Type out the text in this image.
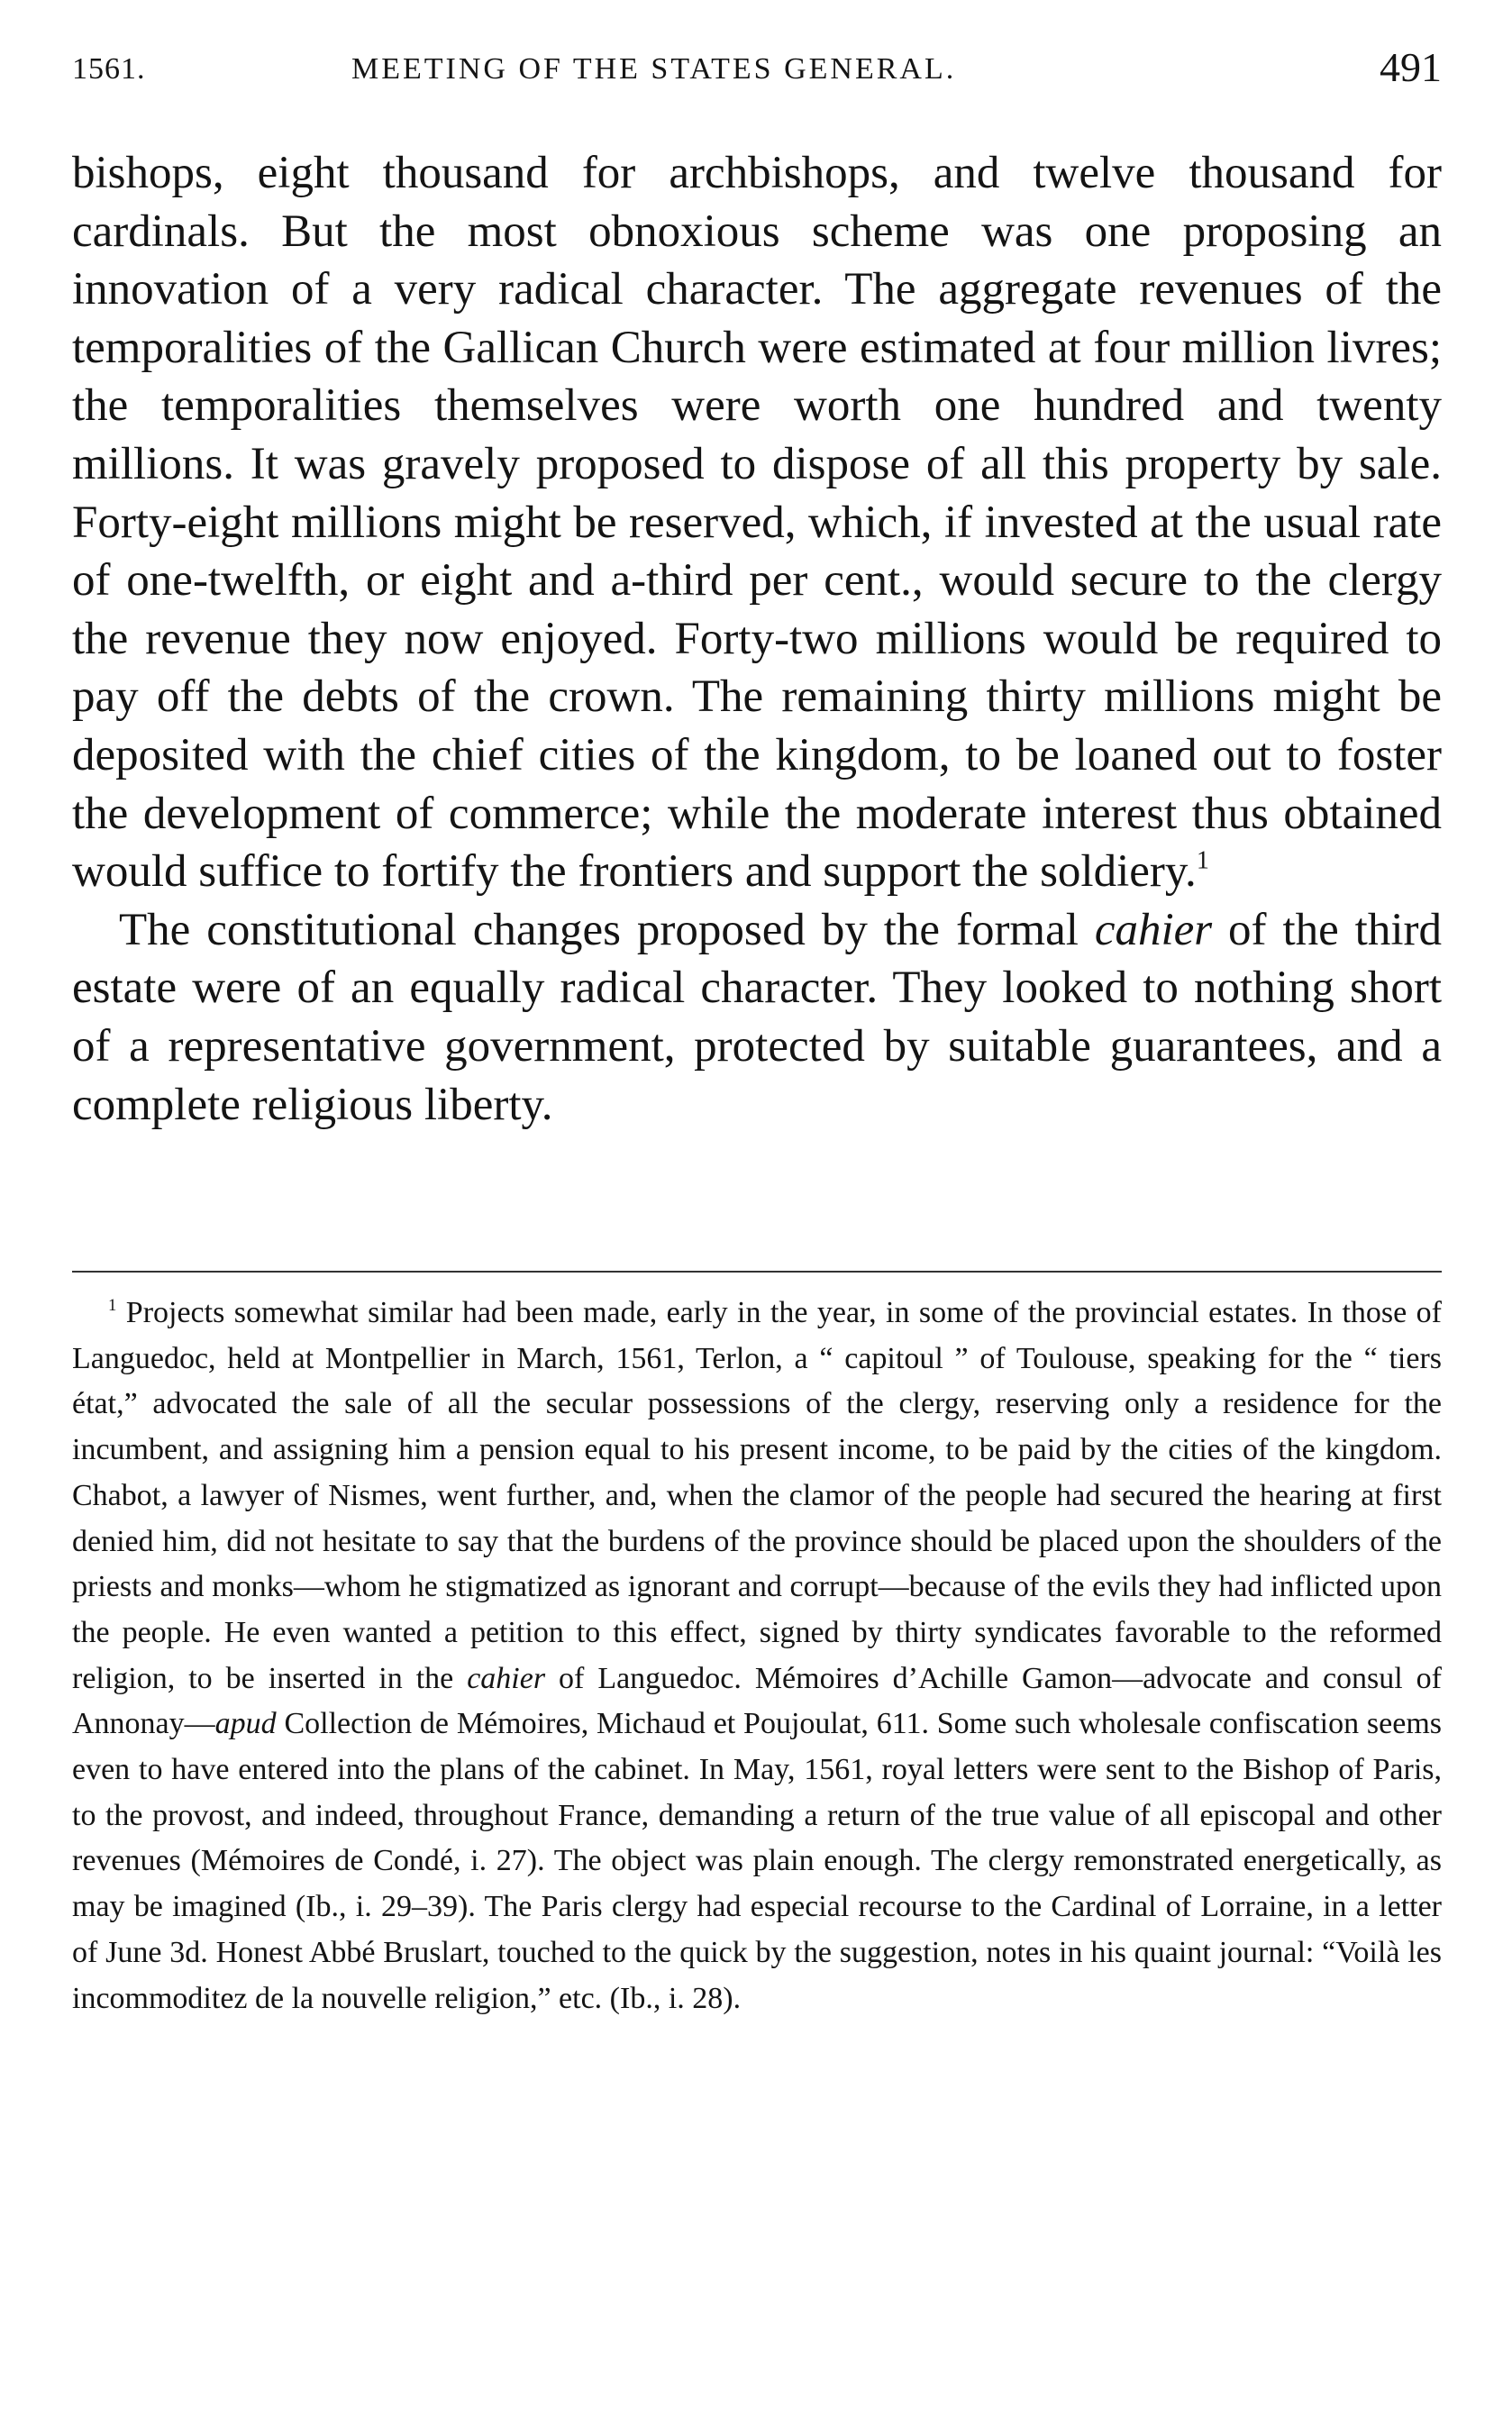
1561.	MEETING OF THE STATES GENERAL.	491

bishops, eight thousand for archbishops, and twelve thousand for cardinals. But the most obnoxious scheme was one proposing an innovation of a very radical character. The aggregate revenues of the temporalities of the Gallican Church were estimated at four million livres; the temporalities themselves were worth one hundred and twenty millions. It was gravely proposed to dispose of all this property by sale. Forty-eight millions might be reserved, which, if invested at the usual rate of one-twelfth, or eight and a-third per cent., would secure to the clergy the revenue they now enjoyed. Forty-two millions would be required to pay off the debts of the crown. The remaining thirty millions might be deposited with the chief cities of the kingdom, to be loaned out to foster the development of commerce; while the moderate interest thus obtained would suffice to fortify the frontiers and support the soldiery.$^1$

The constitutional changes proposed by the formal cahier of the third estate were of an equally radical character. They looked to nothing short of a representative government, protected by suitable guarantees, and a complete religious liberty.

$^1$ Projects somewhat similar had been made, early in the year, in some of the provincial estates. In those of Languedoc, held at Montpellier in March, 1561, Terlon, a “ capitoul ” of Toulouse, speaking for the “ tiers état,” advocated the sale of all the secular possessions of the clergy, reserving only a residence for the incumbent, and assigning him a pension equal to his present income, to be paid by the cities of the kingdom. Chabot, a lawyer of Nismes, went further, and, when the clamor of the people had secured the hearing at first denied him, did not hesitate to say that the burdens of the province should be placed upon the shoulders of the priests and monks—whom he stigmatized as ignorant and corrupt—because of the evils they had inflicted upon the people. He even wanted a petition to this effect, signed by thirty syndicates favorable to the reformed religion, to be inserted in the cahier of Languedoc. Mémoires d’Achille Gamon—advocate and consul of Annonay—apud Collection de Mémoires, Michaud et Poujoulat, 611. Some such wholesale confiscation seems even to have entered into the plans of the cabinet. In May, 1561, royal letters were sent to the Bishop of Paris, to the provost, and indeed, throughout France, demanding a return of the true value of all episcopal and other revenues (Mémoires de Condé, i. 27). The object was plain enough. The clergy remonstrated energetically, as may be imagined (Ib., i. 29–39). The Paris clergy had especial recourse to the Cardinal of Lorraine, in a letter of June 3d. Honest Abbé Bruslart, touched to the quick by the suggestion, notes in his quaint journal: “Voilà les incommoditez de la nouvelle religion,” etc. (Ib., i. 28).
